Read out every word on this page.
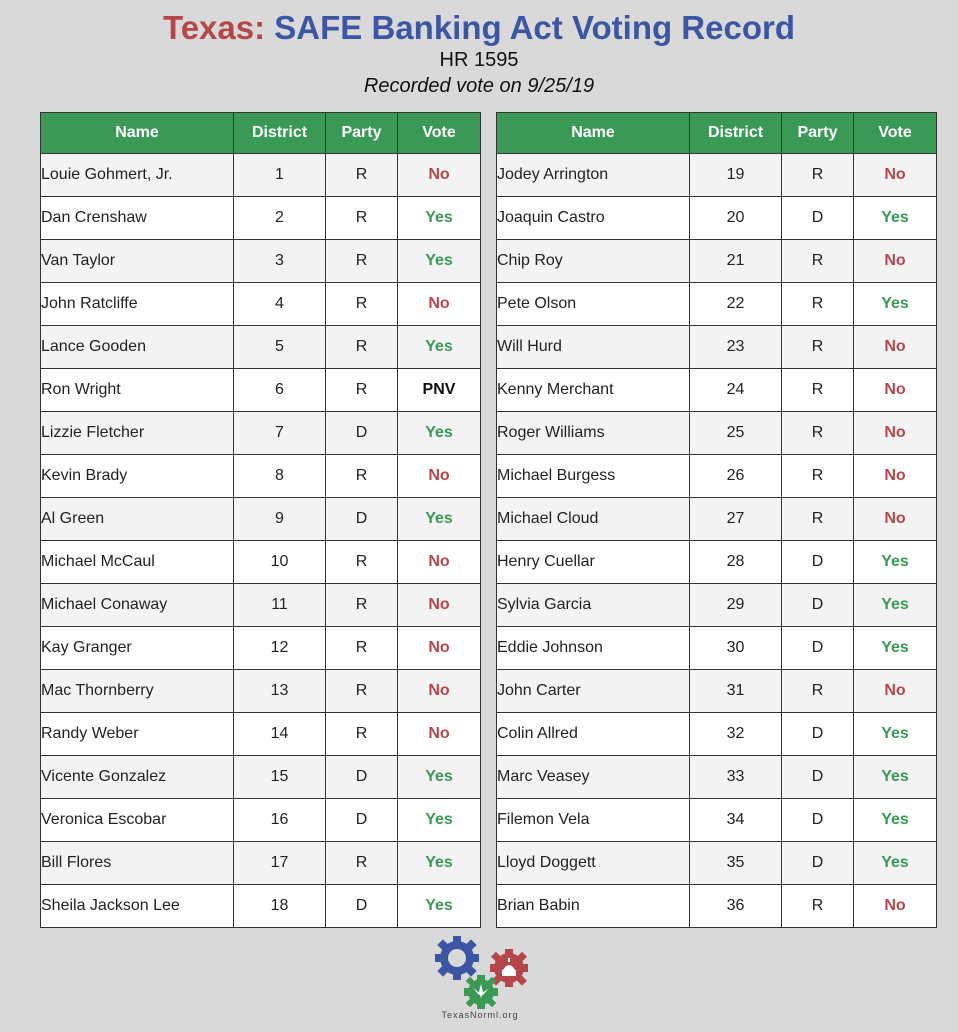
Texas: SAFE Banking Act Voting Record
HR 1595
Recorded vote on 9/25/19
Name	District	Party	Vote
Louie Gohmert, Jr.	1	R	No
Dan Crenshaw	2	R	Yes
Van Taylor	3	R	Yes
John Ratcliffe	4	R	No
Lance Gooden	5	R	Yes
Ron Wright	6	R	PNV
Lizzie Fletcher	7	D	Yes
Kevin Brady	8	R	No
Al Green	9	D	Yes
Michael McCaul	10	R	No
Michael Conaway	11	R	No
Kay Granger	12	R	No
Mac Thornberry	13	R	No
Randy Weber	14	R	No
Vicente Gonzalez	15	D	Yes
Veronica Escobar	16	D	Yes
Bill Flores	17	R	Yes
Sheila Jackson Lee	18	D	Yes
Name	District	Party	Vote
Jodey Arrington	19	R	No
Joaquin Castro	20	D	Yes
Chip Roy	21	R	No
Pete Olson	22	R	Yes
Will Hurd	23	R	No
Kenny Merchant	24	R	No
Roger Williams	25	R	No
Michael Burgess	26	R	No
Michael Cloud	27	R	No
Henry Cuellar	28	D	Yes
Sylvia Garcia	29	D	Yes
Eddie Johnson	30	D	Yes
John Carter	31	R	No
Colin Allred	32	D	Yes
Marc Veasey	33	D	Yes
Filemon Vela	34	D	Yes
Lloyd Doggett	35	D	Yes
Brian Babin	36	R	No
TexasNorml.org
